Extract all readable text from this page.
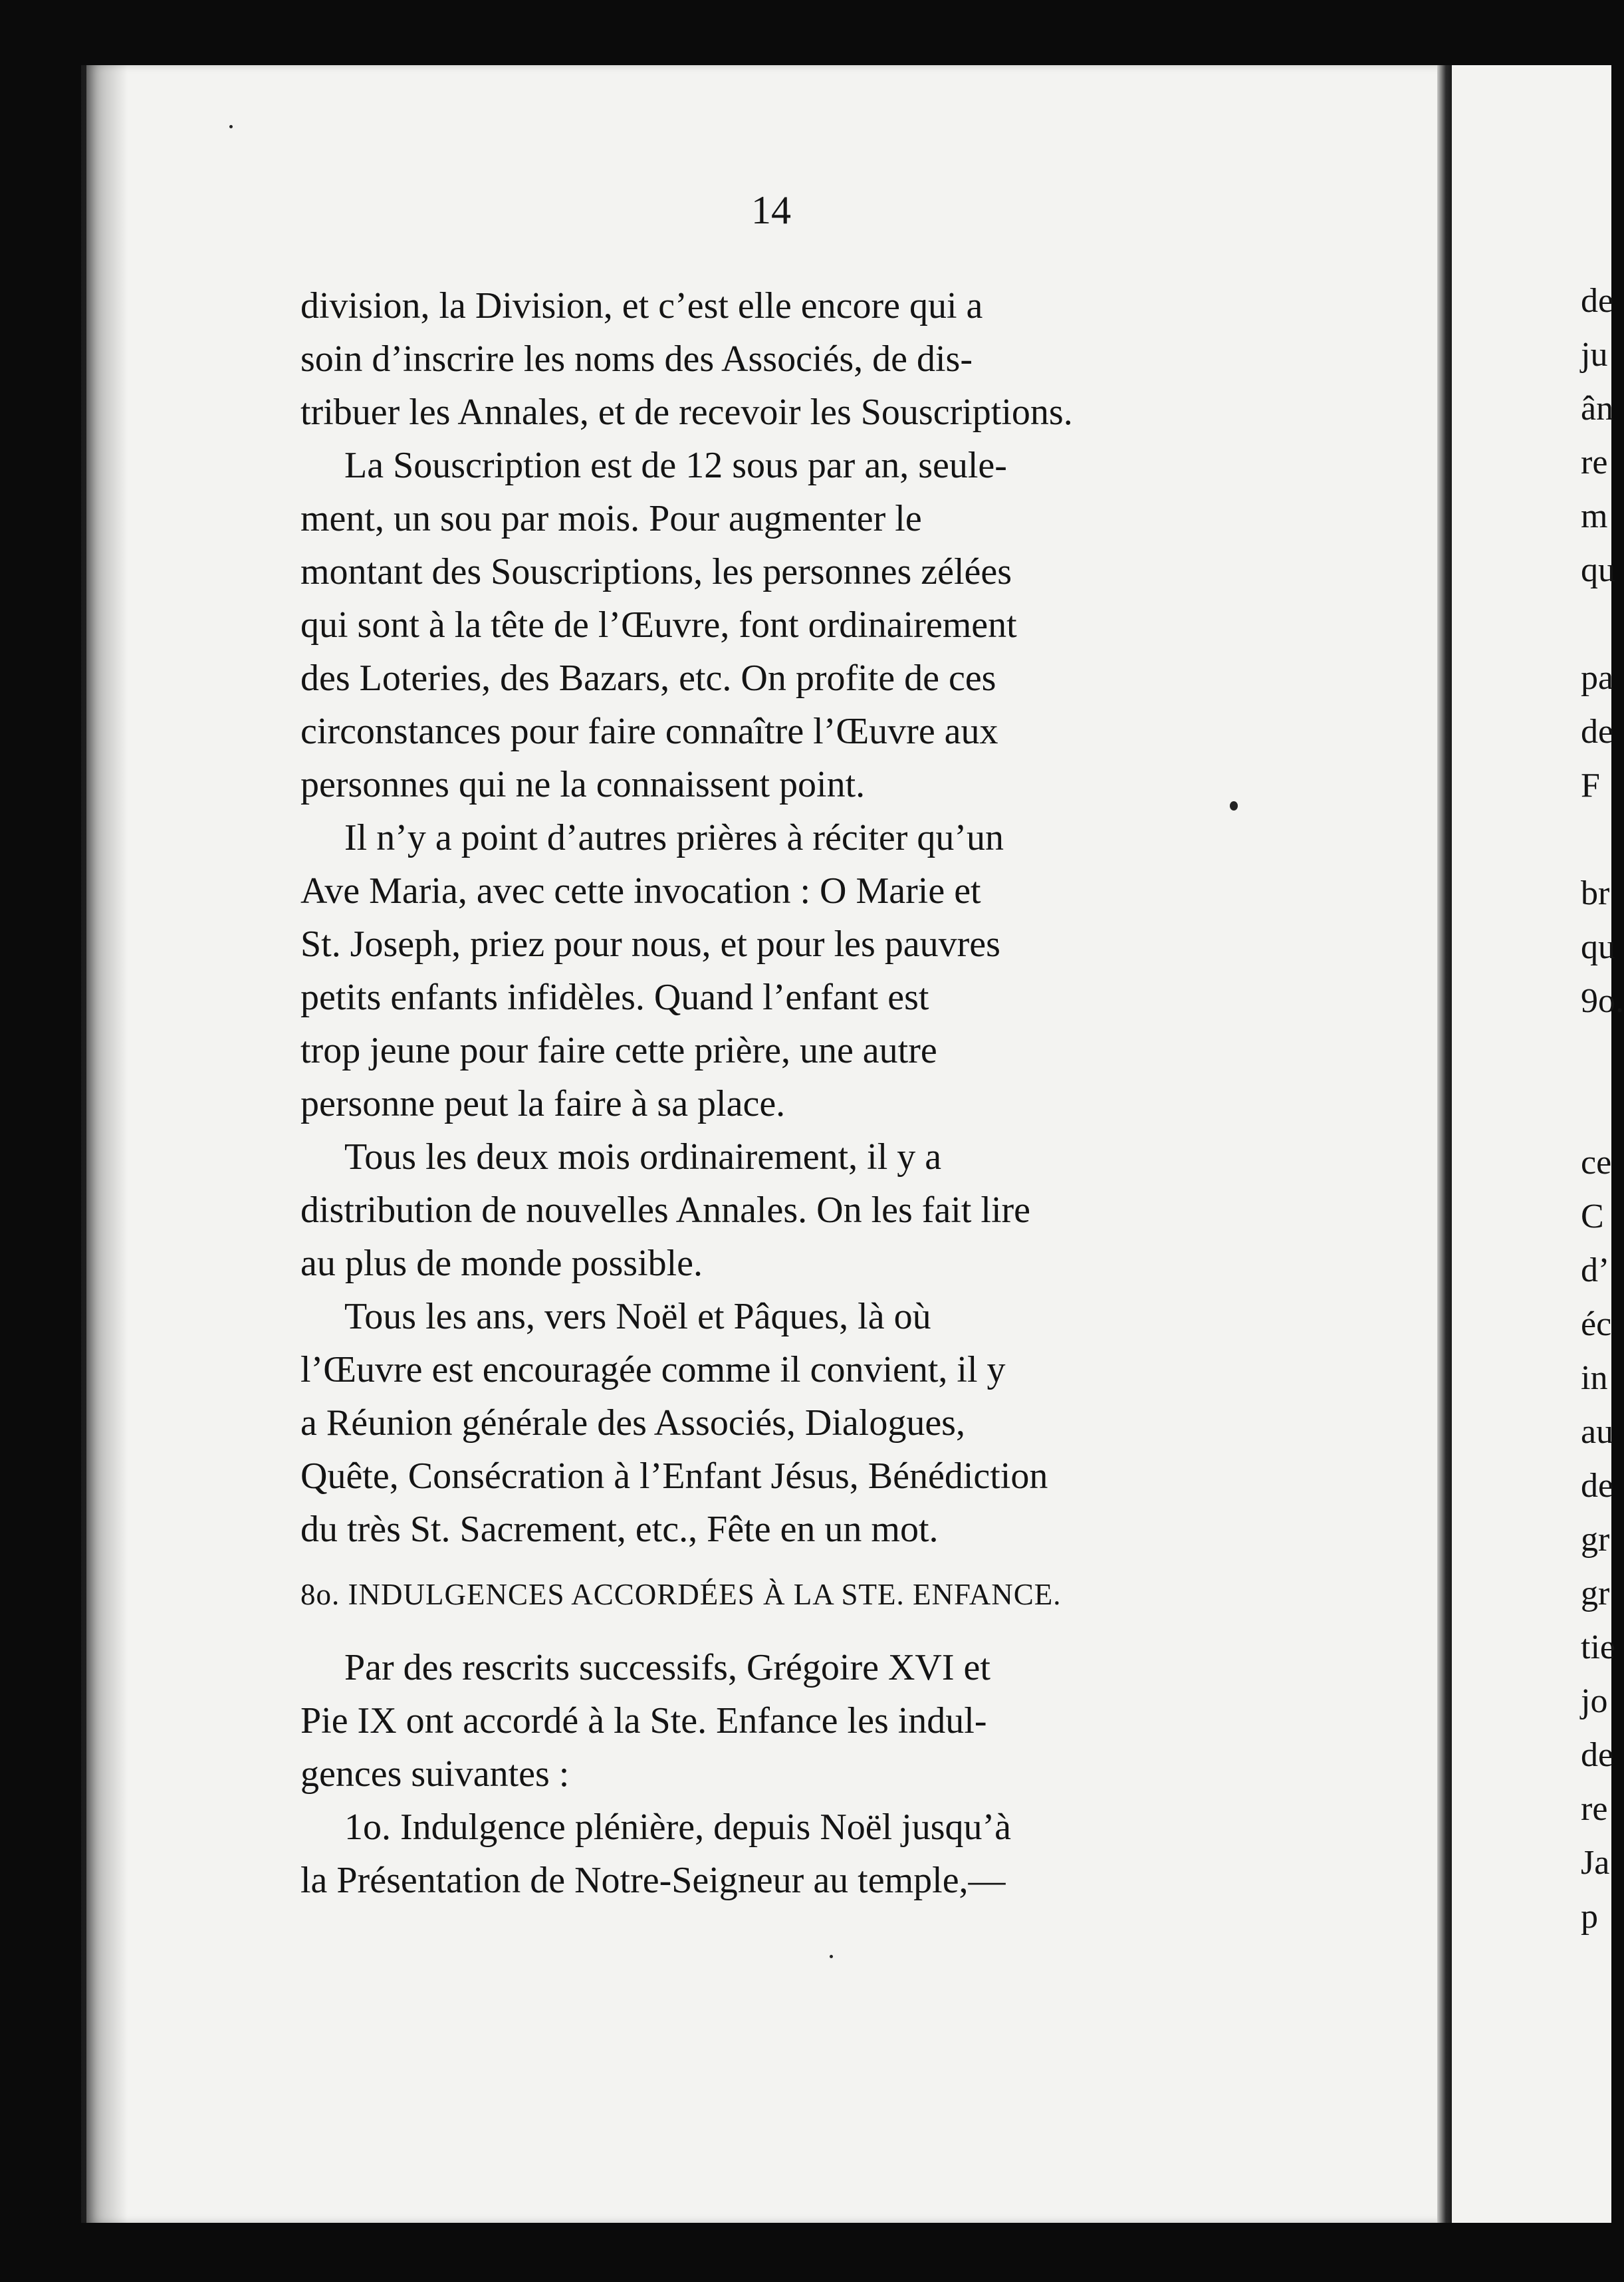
14

division, la Division, et c’est elle encore qui a
soin d’inscrire les noms des Associés, de dis-
tribuer les Annales, et de recevoir les Souscriptions.

La Souscription est de 12 sous par an, seule-
ment, un sou par mois. Pour augmenter le
montant des Souscriptions, les personnes zélées
qui sont à la tête de l’Œuvre, font ordinairement
des Loteries, des Bazars, etc. On profite de ces
circonstances pour faire connaître l’Œuvre aux
personnes qui ne la connaissent point.

Il n’y a point d’autres prières à réciter qu’un
Ave Maria, avec cette invocation : O Marie et
St. Joseph, priez pour nous, et pour les pauvres
petits enfants infidèles. Quand l’enfant est
trop jeune pour faire cette prière, une autre
personne peut la faire à sa place.

Tous les deux mois ordinairement, il y a
distribution de nouvelles Annales. On les fait lire
au plus de monde possible.

Tous les ans, vers Noël et Pâques, là où
l’Œuvre est encouragée comme il convient, il y
a Réunion générale des Associés, Dialogues,
Quête, Consécration à l’Enfant Jésus, Bénédiction
du très St. Sacrement, etc., Fête en un mot.

8o. INDULGENCES ACCORDÉES À LA STE. ENFANCE.

Par des rescrits successifs, Grégoire XVI et
Pie IX ont accordé à la Ste. Enfance les indul-
gences suivantes :

1o. Indulgence plénière, depuis Noël jusqu’à
la Présentation de Notre-Seigneur au temple,—

de
ju
ân
re
m
qu

pa
de
F

br
qu
9o.

ce
C
d’
éc
in
au
de
gr
gr
tie
jo
de
re
Ja
p
